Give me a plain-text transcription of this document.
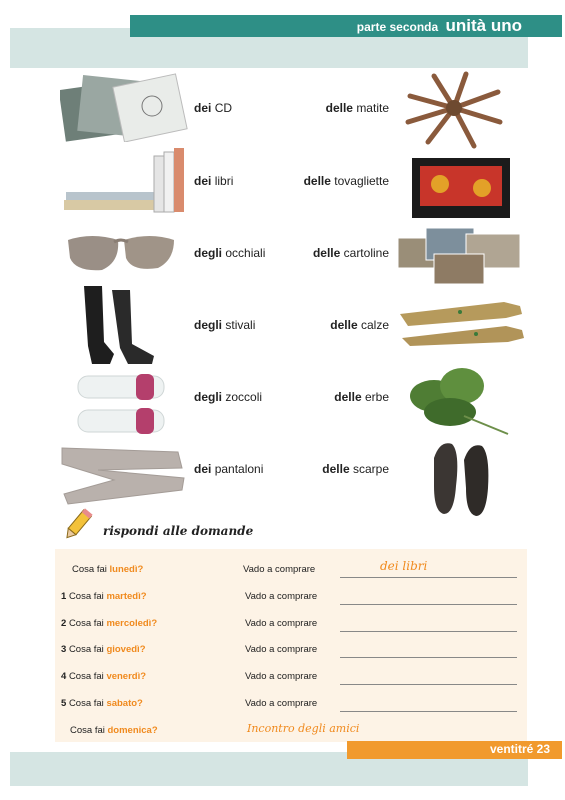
parte seconda unità uno
dei CD
dei libri
degli occhiali
degli stivali
degli zoccoli
dei pantaloni
delle matite
delle tovagliette
delle cartoline
delle calze
delle erbe
delle scarpe
rispondi alle domande
Cosa fai lunedì?	Vado a comprare	dei libri
1 Cosa fai martedì?	Vado a comprare
2 Cosa fai mercoledì?	Vado a comprare
3 Cosa fai giovedì?	Vado a comprare
4 Cosa fai venerdì?	Vado a comprare
5 Cosa fai sabato?	Vado a comprare
Cosa fai domenica?	Incontro degli amici
ventitré 23
